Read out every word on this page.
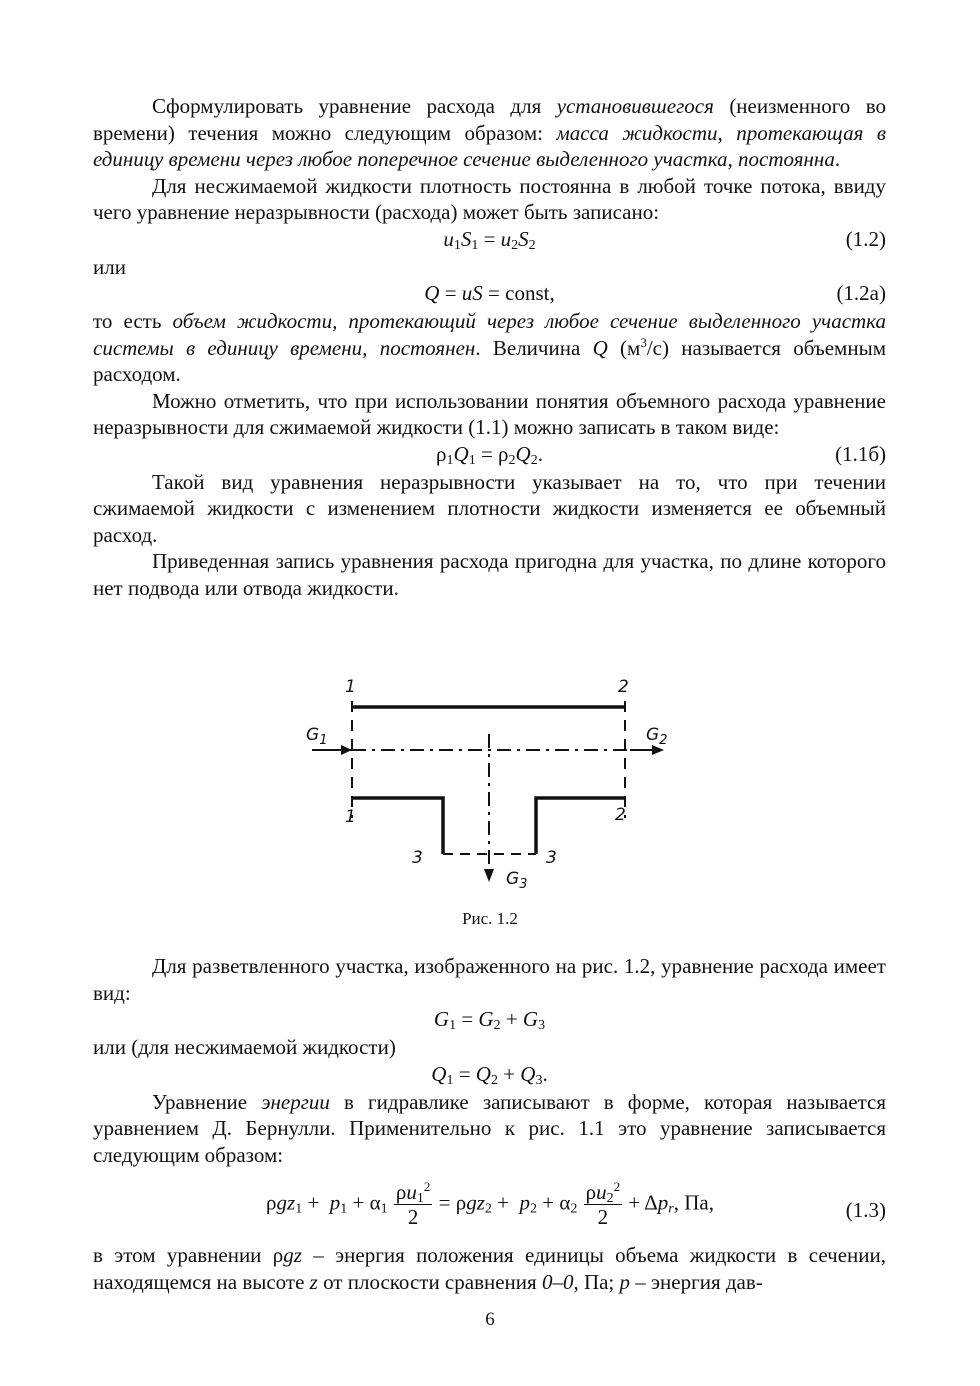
Сформулировать уравнение расхода для установившегося (неизменного во времени) течения можно следующим образом: масса жидкости, протекающая в единицу времени через любое поперечное сечение выделенного участка, постоянна.

Для несжимаемой жидкости плотность постоянна в любой точке потока, ввиду чего уравнение неразрывности (расхода) может быть записано:

$u_1S_1 = u_2S_2$	(1.2)

или

Q = uS = const,	(1.2а)

то есть объем жидкости, протекающий через любое сечение выделенного участка системы в единицу времени, постоянен. Величина Q $(м^3/с)$ называется объемным расходом.

Можно отметить, что при использовании понятия объемного расхода уравнение неразрывности для сжимаемой жидкости (1.1) можно записать в таком виде:

$\rho_1Q_1 = \rho_2Q_2$.	(1.1б)

Такой вид уравнения неразрывности указывает на то, что при течении сжимаемой жидкости с изменением плотности жидкости изменяется ее объемный расход.

Приведенная запись уравнения расхода пригодна для участка, по длине которого нет подвода или отвода жидкости.

1	2
1	2
3	3
$G_1$	$G_2$
$G_3$
Рис. 1.2

Для разветвленного участка, изображенного на рис. 1.2, уравнение расхода имеет вид:

$G_1 = G_2 + G_3$

или (для несжимаемой жидкости)

$Q_1 = Q_2 + Q_3$.

Уравнение энергии в гидравлике записывают в форме, которая называется уравнением Д. Бернулли. Применительно к рис. 1.1 это уравнение записывается следующим образом:

$\rho gz_1 + p_1 + \alpha_1 \frac{\rho u_1^2}{2} = \rho gz_2 + p_2 + \alpha_2 \frac{\rho u_2^2}{2} + \Delta p_r$, Па,	(1.3)

в этом уравнении ρgz – энергия положения единицы объема жидкости в сечении, находящемся на высоте z от плоскости сравнения 0–0, Па; p – энергия дав-

6
